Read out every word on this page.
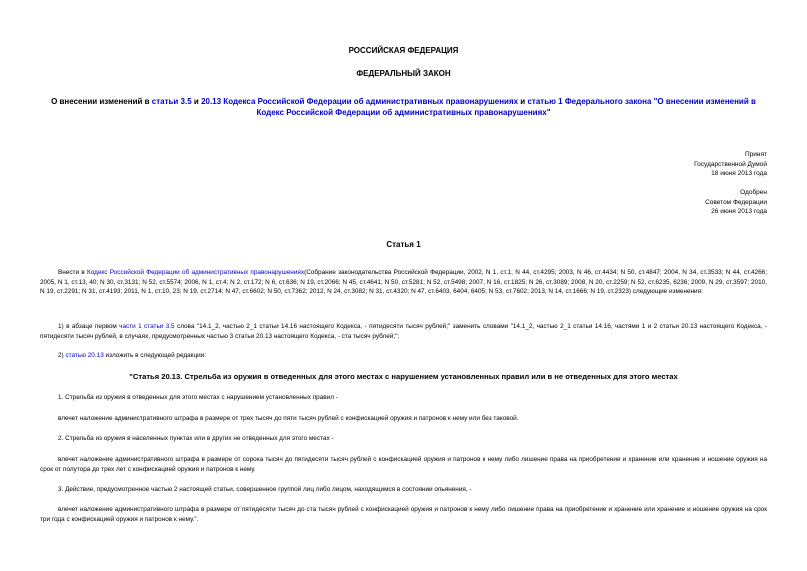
РОССИЙСКАЯ ФЕДЕРАЦИЯ
ФЕДЕРАЛЬНЫЙ ЗАКОН
О внесении изменений в статьи 3.5 и 20.13 Кодекса Российской Федерации об административных правонарушениях и статью 1 Федерального закона "О внесении изменений в Кодекс Российской Федерации об административных правонарушениях"
Принят
Государственной Думой
18 июня 2013 года
Одобрен
Советом Федерации
26 июня 2013 года
Статья 1
Внести в Кодекс Российской Федерации об административных правонарушениях(Собрание законодательства Российской Федерации, 2002, N 1, ст.1; N 44, ст.4295; 2003, N 46, ст.4434; N 50, ст.4847; 2004, N 34, ст.3533; N 44, ст.4266; 2005, N 1, ст.13, 40; N 30, ст.3131; N 52, ст.5574; 2006, N 1, ст.4; N 2, ст.172; N 6, ст.636; N 19, ст.2066; N 45, ст.4641; N 50, ст.5281; N 52, ст.5498; 2007, N 16, ст.1825; N 26, ст.3089; 2008, N 20, ст.2259; N 52, ст.6235, 6236; 2009, N 29, ст.3597; 2010, N 19, ст.2291; N 31, ст.4193; 2011, N 1, ст.10, 23; N 19, ст.2714; N 47, ст.6602; N 50, ст.7362; 2012, N 24, ст.3082; N 31, ст.4320; N 47, ст.6403, 6404, 6405; N 53, ст.7602; 2013, N 14, ст.1666; N 19, ст.2323) следующие изменения:
1) в абзаце первом части 1 статьи 3.5 слова "14.1_2, частью 2_1 статьи 14.16 настоящего Кодекса, - пятидесяти тысяч рублей;" заменить словами "14.1_2, частью 2_1 статьи 14.16, частями 1 и 2 статьи 20.13 настоящего Кодекса, - пятидесяти тысяч рублей, в случаях, предусмотренных частью 3 статьи 20.13 настоящего Кодекса, - ста тысяч рублей;";
2) статью 20.13 изложить в следующей редакции:
"Статья 20.13. Стрельба из оружия в отведенных для этого местах с нарушением установленных правил или в не отведенных для этого местах
1. Стрельба из оружия в отведенных для этого местах с нарушением установленных правил -
влечет наложение административного штрафа в размере от трех тысяч до пяти тысяч рублей с конфискацией оружия и патронов к нему или без таковой.
2. Стрельба из оружия в населенных пунктах или в других не отведенных для этого местах -
влечет наложение административного штрафа в размере от сорока тысяч до пятидесяти тысяч рублей с конфискацией оружия и патронов к нему либо лишение права на приобретение и хранение или хранение и ношение оружия на срок от полутора до трех лет с конфискацией оружия и патронов к нему.
3. Действие, предусмотренное частью 2 настоящей статьи, совершенное группой лиц либо лицом, находящимся в состоянии опьянения, -
влечет наложение административного штрафа в размере от пятидесяти тысяч до ста тысяч рублей с конфискацией оружия и патронов к нему либо лишение права на приобретение и хранение или хранение и ношение оружия на срок три года с конфискацией оружия и патронов к нему.".
